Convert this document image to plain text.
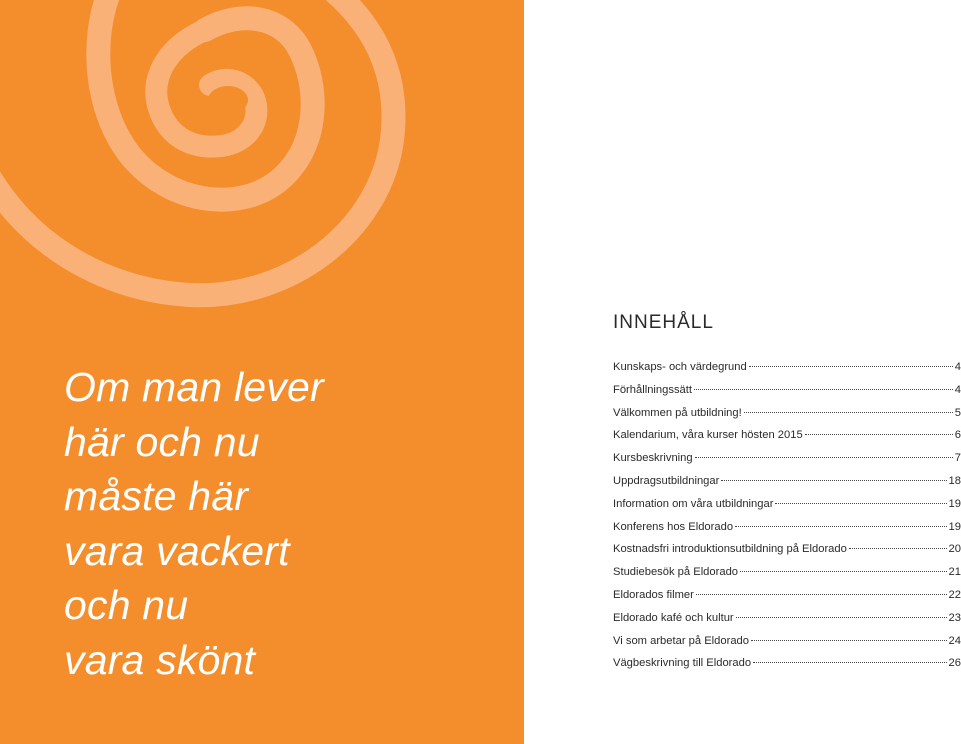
Om man lever
här och nu
måste här
vara vackert
och nu
vara skönt
INNEHÅLL
Kunskaps- och värdegrund	4
Förhållningssätt	4
Välkommen på utbildning!	5
Kalendarium, våra kurser hösten 2015	6
Kursbeskrivning	7
Uppdragsutbildningar	18
Information om våra utbildningar	19
Konferens hos Eldorado	19
Kostnadsfri introduktionsutbildning på Eldorado	20
Studiebesök på Eldorado	21
Eldorados filmer	22
Eldorado kafé och kultur	23
Vi som arbetar på Eldorado	24
Vägbeskrivning till Eldorado	26
